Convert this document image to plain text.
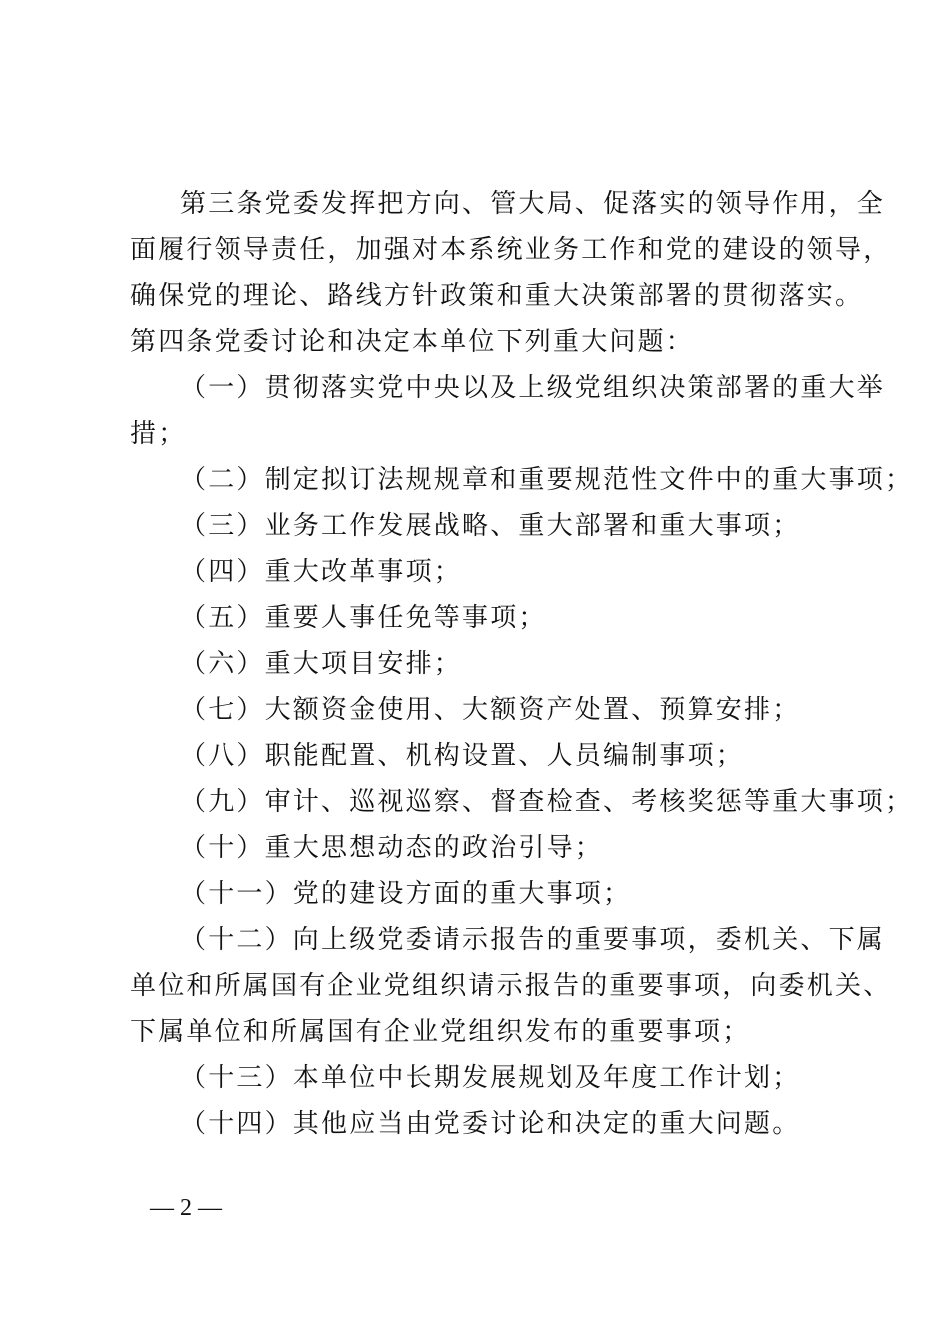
第三条党委发挥把方向、管大局、促落实的领导作用，全
面履行领导责任，加强对本系统业务工作和党的建设的领导，
确保党的理论、路线方针政策和重大决策部署的贯彻落实。
第四条党委讨论和决定本单位下列重大问题：
（一）贯彻落实党中央以及上级党组织决策部署的重大举
措；
（二）制定拟订法规规章和重要规范性文件中的重大事项；
（三）业务工作发展战略、重大部署和重大事项；
（四）重大改革事项；
（五）重要人事任免等事项；
（六）重大项目安排；
（七）大额资金使用、大额资产处置、预算安排；
（八）职能配置、机构设置、人员编制事项；
（九）审计、巡视巡察、督查检查、考核奖惩等重大事项；
（十）重大思想动态的政治引导；
（十一）党的建设方面的重大事项；
（十二）向上级党委请示报告的重要事项，委机关、下属
单位和所属国有企业党组织请示报告的重要事项，向委机关、
下属单位和所属国有企业党组织发布的重要事项；
（十三）本单位中长期发展规划及年度工作计划；
（十四）其他应当由党委讨论和决定的重大问题。
— 2 —
